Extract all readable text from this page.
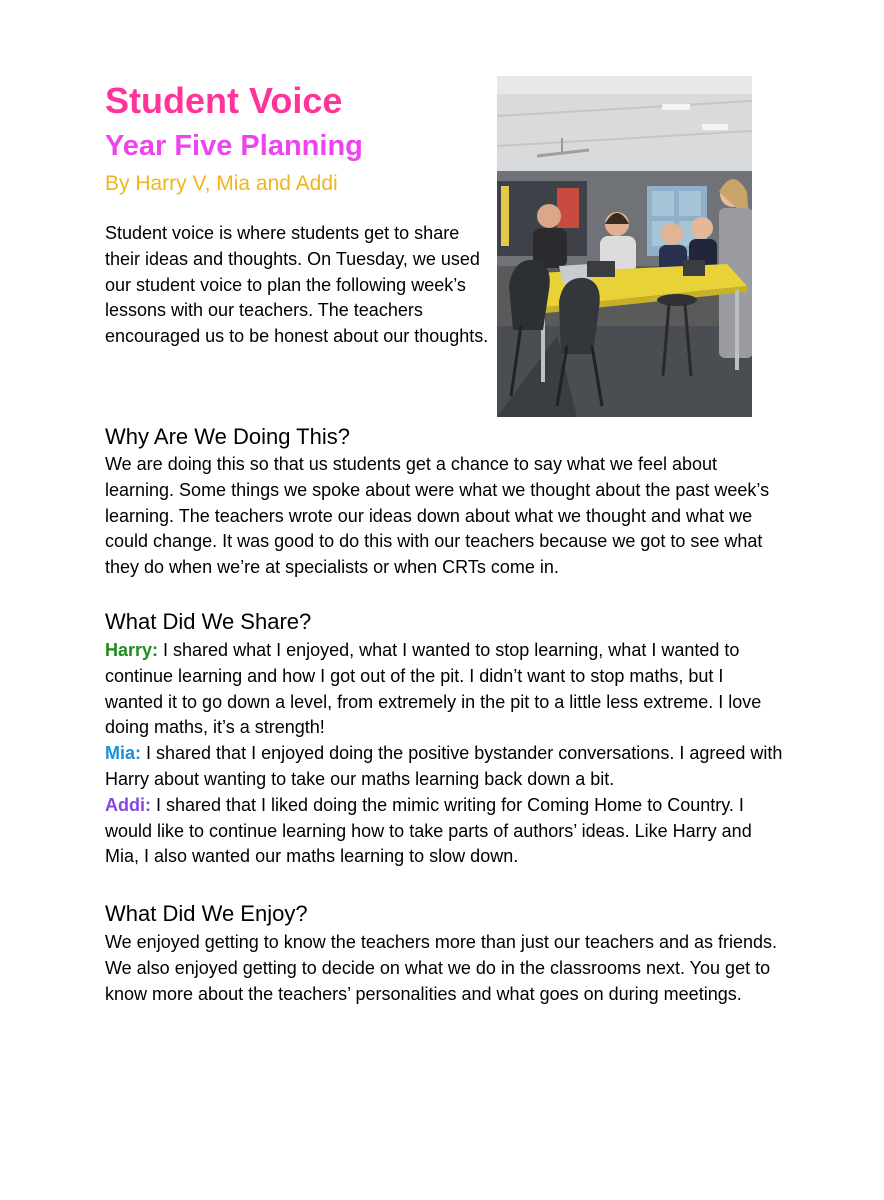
Student Voice
Year Five Planning
By Harry V, Mia and Addi

Student voice is where students get to share their ideas and thoughts. On Tuesday, we used our student voice to plan the following week’s lessons with our teachers. The teachers encouraged us to be honest about our thoughts.

Why Are We Doing This?

We are doing this so that us students get a chance to say what we feel about learning. Some things we spoke about were what we thought about the past week’s learning. The teachers wrote our ideas down about what we thought and what we could change. It was good to do this with our teachers because we got to see what they do when we’re at specialists or when CRTs come in.

What Did We Share?
Harry: I shared what I enjoyed, what I wanted to stop learning, what I wanted to continue learning and how I got out of the pit. I didn’t want to stop maths, but I wanted it to go down a level, from extremely in the pit to a little less extreme. I love doing maths, it’s a strength!
Mia: I shared that I enjoyed doing the positive bystander conversations. I agreed with Harry about wanting to take our maths learning back down a bit.
Addi: I shared that I liked doing the mimic writing for Coming Home to Country. I would like to continue learning how to take parts of authors’ ideas. Like Harry and Mia, I also wanted our maths learning to slow down.
What Did We Enjoy?

We enjoyed getting to know the teachers more than just our teachers and as friends. We also enjoyed getting to decide on what we do in the classrooms next. You get to know more about the teachers’ personalities and what goes on during meetings.
